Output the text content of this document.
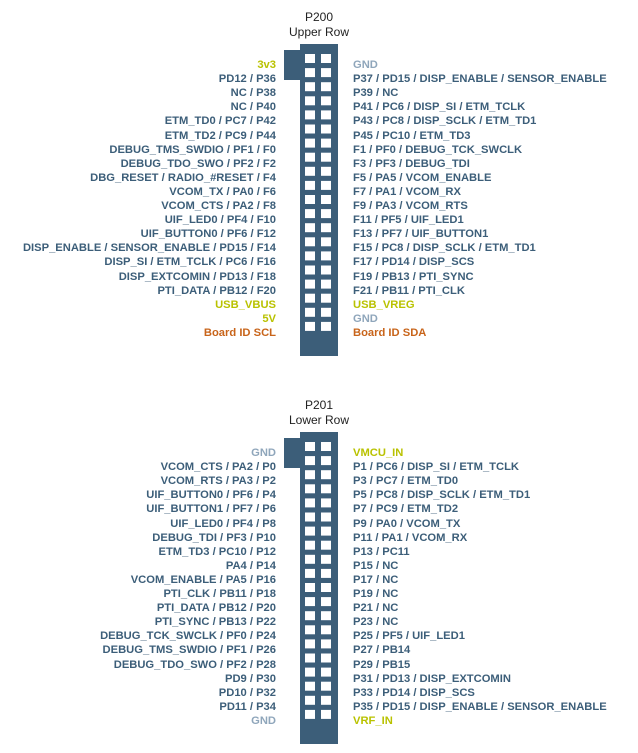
P200
Upper Row
3v3
PD12 / P36
NC / P38
NC / P40
ETM_TD0 / PC7 / P42
ETM_TD2 / PC9 / P44
DEBUG_TMS_SWDIO / PF1 / F0
DEBUG_TDO_SWO / PF2 / F2
DBG_RESET / RADIO_#RESET / F4
VCOM_TX / PA0 / F6
VCOM_CTS / PA2 / F8
UIF_LED0 / PF4 / F10
UIF_BUTTON0 / PF6 / F12
DISP_ENABLE / SENSOR_ENABLE / PD15 / F14
DISP_SI / ETM_TCLK / PC6 / F16
DISP_EXTCOMIN / PD13 / F18
PTI_DATA / PB12 / F20
USB_VBUS
5V
Board ID SCL
GND
P37 / PD15 / DISP_ENABLE / SENSOR_ENABLE
P39 / NC
P41 / PC6 / DISP_SI / ETM_TCLK
P43 / PC8 / DISP_SCLK / ETM_TD1
P45 / PC10 / ETM_TD3
F1 / PF0 / DEBUG_TCK_SWCLK
F3 / PF3 / DEBUG_TDI
F5 / PA5 / VCOM_ENABLE
F7 / PA1 / VCOM_RX
F9 / PA3 / VCOM_RTS
F11 / PF5 / UIF_LED1
F13 / PF7 / UIF_BUTTON1
F15 / PC8 / DISP_SCLK / ETM_TD1
F17 / PD14 / DISP_SCS
F19 / PB13 / PTI_SYNC
F21 / PB11 / PTI_CLK
USB_VREG
GND
Board ID SDA
P201
Lower Row
GND
VCOM_CTS / PA2 / P0
VCOM_RTS / PA3 / P2
UIF_BUTTON0 / PF6 / P4
UIF_BUTTON1 / PF7 / P6
UIF_LED0 / PF4 / P8
DEBUG_TDI / PF3 / P10
ETM_TD3 / PC10 / P12
PA4 / P14
VCOM_ENABLE / PA5 / P16
PTI_CLK / PB11 / P18
PTI_DATA / PB12 / P20
PTI_SYNC / PB13 / P22
DEBUG_TCK_SWCLK / PF0 / P24
DEBUG_TMS_SWDIO / PF1 / P26
DEBUG_TDO_SWO / PF2 / P28
PD9 / P30
PD10 / P32
PD11 / P34
GND
VMCU_IN
P1 / PC6 / DISP_SI / ETM_TCLK
P3 / PC7 / ETM_TD0
P5 / PC8 / DISP_SCLK / ETM_TD1
P7 / PC9 / ETM_TD2
P9 / PA0 / VCOM_TX
P11 / PA1 / VCOM_RX
P13 / PC11
P15 / NC
P17 / NC
P19 / NC
P21 / NC
P23 / NC
P25 / PF5 / UIF_LED1
P27 / PB14
P29 / PB15
P31 / PD13 / DISP_EXTCOMIN
P33 / PD14 / DISP_SCS
P35 / PD15 / DISP_ENABLE / SENSOR_ENABLE
VRF_IN
